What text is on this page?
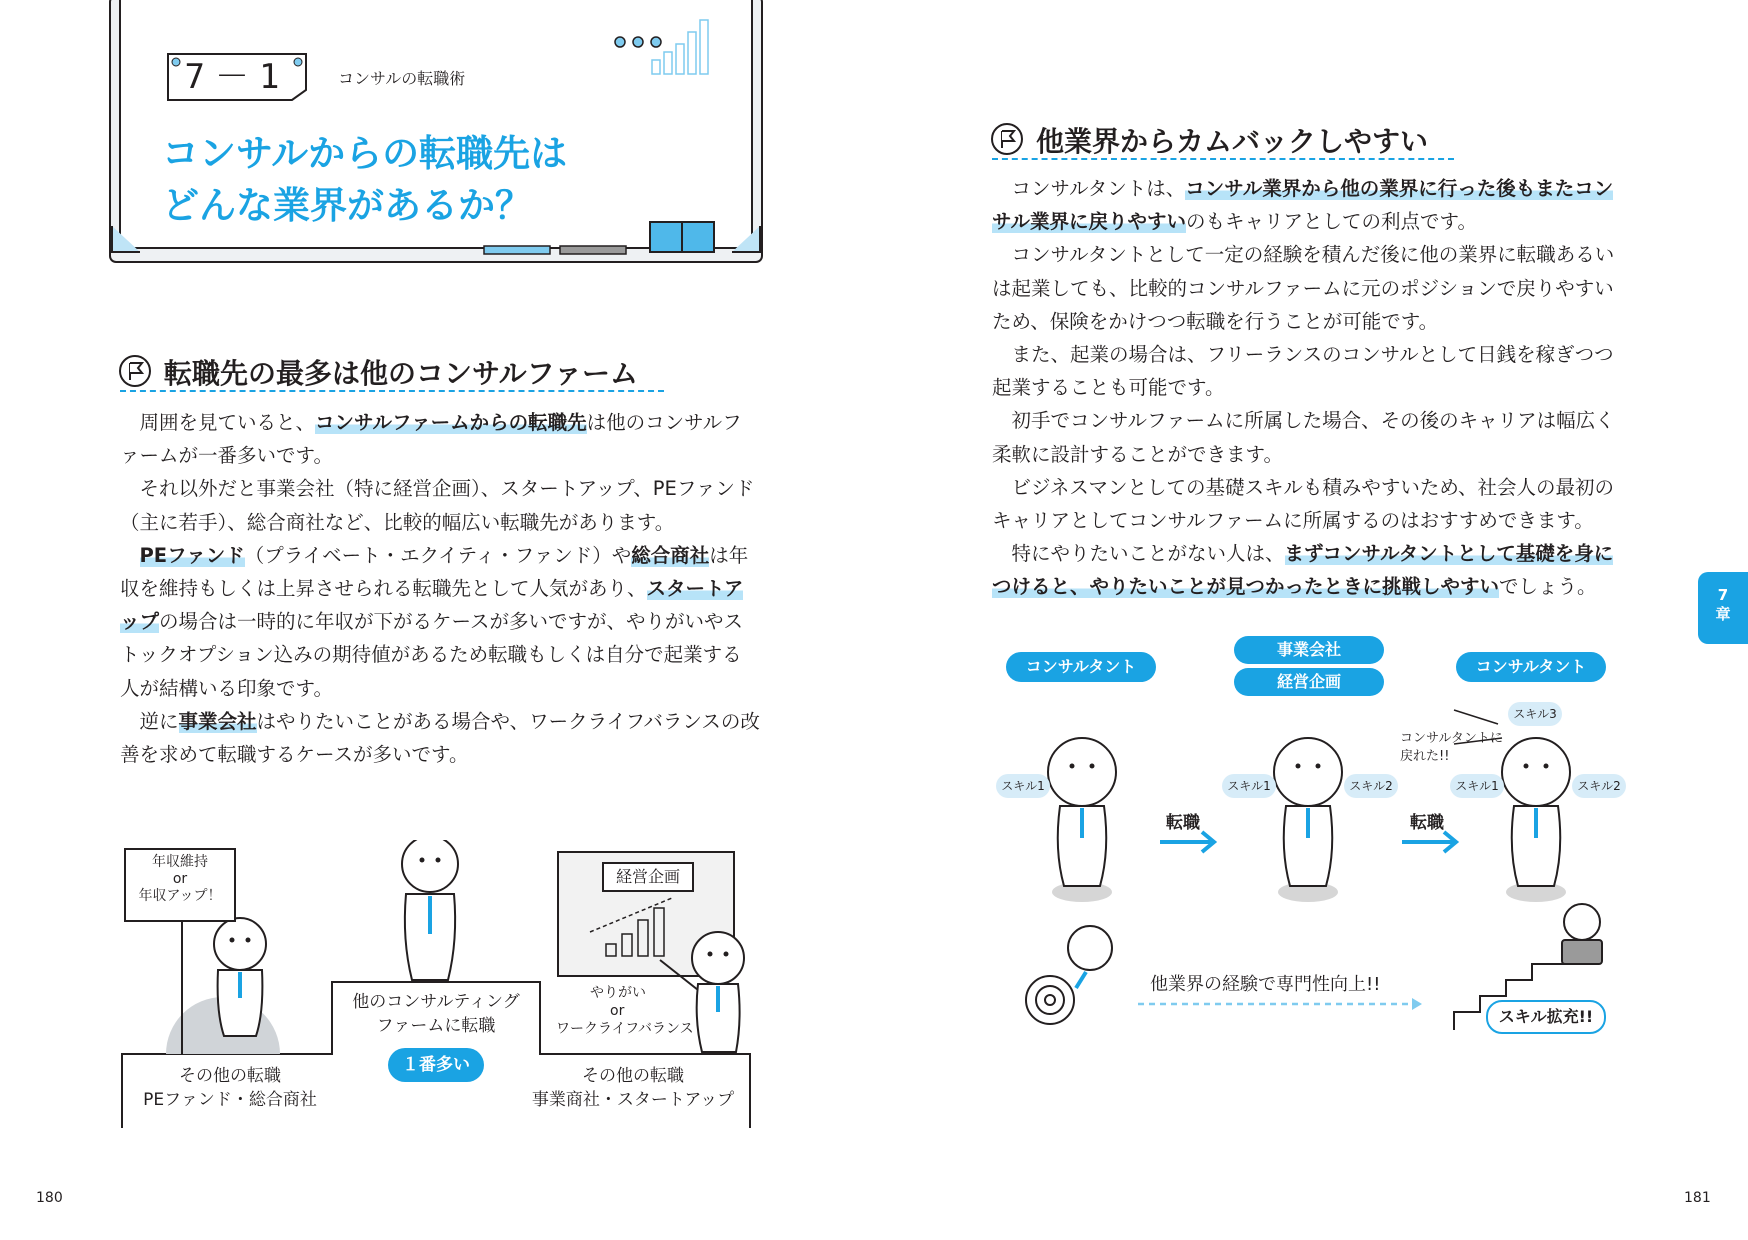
7－1	コンサルの転職術
コンサルからの転職先は
どんな業界があるか？
転職先の最多は他のコンサルファーム
周囲を見ていると、コンサルファームからの転職先は他のコンサルファームが一番多いです。
それ以外だと事業会社（特に経営企画）、スタートアップ、PEファンド（主に若手）、総合商社など、比較的幅広い転職先があります。
PEファンド（プライベート・エクイティ・ファンド）や総合商社は年収を維持もしくは上昇させられる転職先として人気があり、スタートアップの場合は一時的に年収が下がるケースが多いですが、やりがいやストックオプション込みの期待値があるため転職もしくは自分で起業する人が結構いる印象です。
逆に事業会社はやりたいことがある場合や、ワークライフバランスの改善を求めて転職するケースが多いです。
年収維持
or
年収アップ！
経営企画
やりがい
or
ワークライフバランス
他のコンサルティング
ファームに転職
１番多い
その他の転職
PEファンド・総合商社
その他の転職
事業商社・スタートアップ
180
他業界からカムバックしやすい
コンサルタントは、コンサル業界から他の業界に行った後もまたコンサル業界に戻りやすいのもキャリアとしての利点です。
コンサルタントとして一定の経験を積んだ後に他の業界に転職あるいは起業しても、比較的コンサルファームに元のポジションで戻りやすいため、保険をかけつつ転職を行うことが可能です。
また、起業の場合は、フリーランスのコンサルとして日銭を稼ぎつつ起業することも可能です。
初手でコンサルファームに所属した場合、その後のキャリアは幅広く柔軟に設計することができます。
ビジネスマンとしての基礎スキルも積みやすいため、社会人の最初のキャリアとしてコンサルファームに所属するのはおすすめできます。
特にやりたいことがない人は、まずコンサルタントとして基礎を身につけると、やりたいことが見つかったときに挑戦しやすいでしょう。	7
章
コンサルタント
事業会社
経営企画
コンサルタント
スキル1	スキル1	スキル2	スキル1	スキル2
スキル3
コンサルタントに
戻れた!!
転職	転職
他業界の経験で専門性向上!!
スキル拡充!!
181
